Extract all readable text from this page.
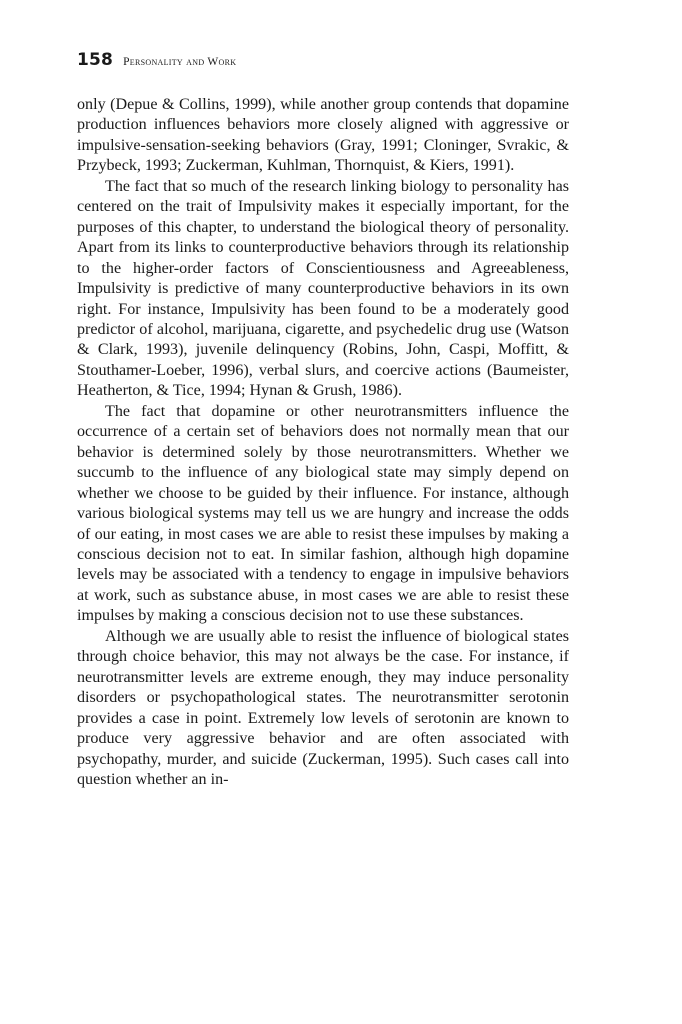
158 Personality and Work

only (Depue & Collins, 1999), while another group contends that dopamine production influences behaviors more closely aligned with aggressive or impulsive-sensation-seeking behaviors (Gray, 1991; Cloninger, Svrakic, & Przybeck, 1993; Zuckerman, Kuhlman, Thornquist, & Kiers, 1991).

The fact that so much of the research linking biology to personality has centered on the trait of Impulsivity makes it especially important, for the purposes of this chapter, to understand the biological theory of personality. Apart from its links to counterproductive behaviors through its relationship to the higher-order factors of Conscientiousness and Agreeableness, Impulsivity is predictive of many counterproductive behaviors in its own right. For instance, Impulsivity has been found to be a moderately good predictor of alcohol, marijuana, cigarette, and psychedelic drug use (Watson & Clark, 1993), juvenile delinquency (Robins, John, Caspi, Moffitt, & Stouthamer-Loeber, 1996), verbal slurs, and coercive actions (Baumeister, Heatherton, & Tice, 1994; Hynan & Grush, 1986).

The fact that dopamine or other neurotransmitters influence the occurrence of a certain set of behaviors does not normally mean that our behavior is determined solely by those neurotransmitters. Whether we succumb to the influence of any biological state may simply depend on whether we choose to be guided by their influence. For instance, although various biological systems may tell us we are hungry and increase the odds of our eating, in most cases we are able to resist these impulses by making a conscious decision not to eat. In similar fashion, although high dopamine levels may be associated with a tendency to engage in impulsive behaviors at work, such as substance abuse, in most cases we are able to resist these impulses by making a conscious decision not to use these substances.

Although we are usually able to resist the influence of biological states through choice behavior, this may not always be the case. For instance, if neurotransmitter levels are extreme enough, they may induce personality disorders or psychopathological states. The neurotransmitter serotonin provides a case in point. Extremely low levels of serotonin are known to produce very aggressive behavior and are often associated with psychopathy, murder, and suicide (Zuckerman, 1995). Such cases call into question whether an in-
